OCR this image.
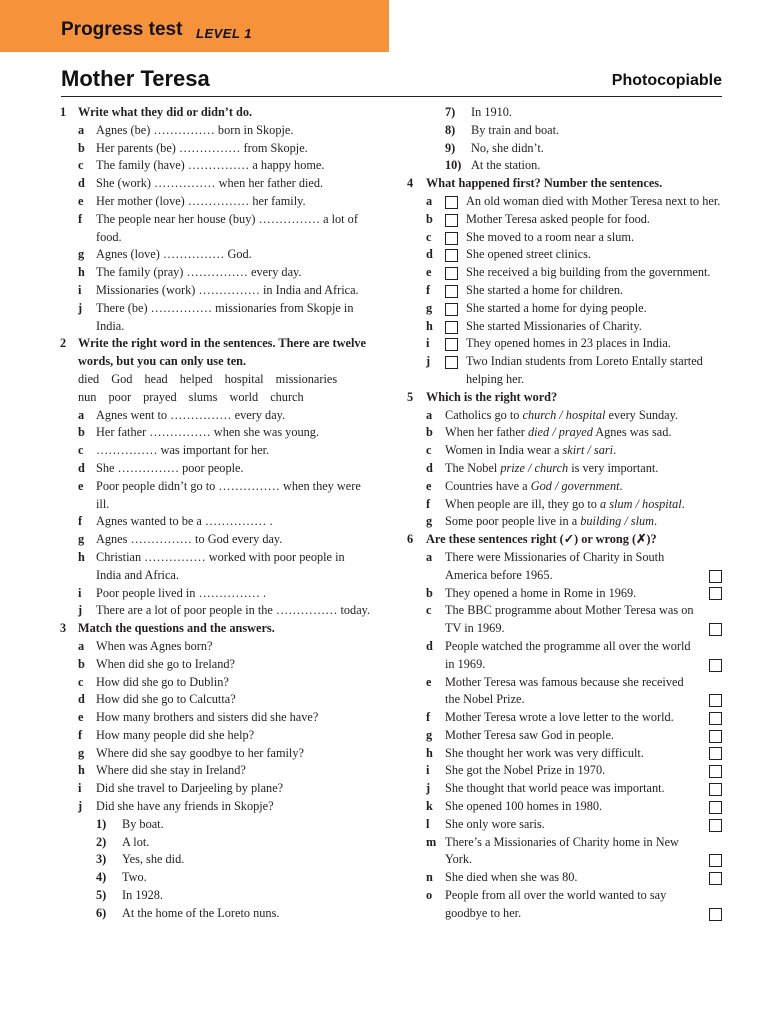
Progress test LEVEL 1
Mother Teresa	Photocopiable
1 Write what they did or didn’t do.
a Agnes (be) …………… born in Skopje.
b Her parents (be) …………… from Skopje.
c The family (have) …………… a happy home.
d She (work) …………… when her father died.
e Her mother (love) …………… her family.
f The people near her house (buy) …………… a lot of food.
g Agnes (love) …………… God.
h The family (pray) …………… every day.
i Missionaries (work) …………… in India and Africa.
j There (be) …………… missionaries from Skopje in India.
2 Write the right word in the sentences. There are twelve words, but you can only use ten.
died God head helped hospital missionaries
nun poor prayed slums world church
a Agnes went to …………… every day.
b Her father …………… when she was young.
c …………… was important for her.
d She …………… poor people.
e Poor people didn’t go to …………… when they were ill.
f Agnes wanted to be a …………… .
g Agnes …………… to God every day.
h Christian …………… worked with poor people in India and Africa.
i Poor people lived in …………… .
j There are a lot of poor people in the …………… today.
3 Match the questions and the answers.
a When was Agnes born?
b When did she go to Ireland?
c How did she go to Dublin?
d How did she go to Calcutta?
e How many brothers and sisters did she have?
f How many people did she help?
g Where did she say goodbye to her family?
h Where did she stay in Ireland?
i Did she travel to Darjeeling by plane?
j Did she have any friends in Skopje?
1) By boat.
2) A lot.
3) Yes, she did.
4) Two.
5) In 1928.
6) At the home of the Loreto nuns.
7) In 1910.
8) By train and boat.
9) No, she didn’t.
10) At the station.
4 What happened first? Number the sentences.
a	An old woman died with Mother Teresa next to her.
b	Mother Teresa asked people for food.
c	She moved to a room near a slum.
d	She opened street clinics.
e	She received a big building from the government.
f	She started a home for children.
g	She started a home for dying people.
h	She started Missionaries of Charity.
i	They opened homes in 23 places in India.
j	Two Indian students from Loreto Entally started helping her.
5 Which is the right word?
a Catholics go to church / hospital every Sunday.
b When her father died / prayed Agnes was sad.
c Women in India wear a skirt / sari.
d The Nobel prize / church is very important.
e Countries have a God / government.
f When people are ill, they go to a slum / hospital.
g Some poor people live in a building / slum.
6 Are these sentences right (✓) or wrong (✗)?
a There were Missionaries of Charity in South America before 1965.
b They opened a home in Rome in 1969.
c The BBC programme about Mother Teresa was on TV in 1969.
d People watched the programme all over the world in 1969.
e Mother Teresa was famous because she received the Nobel Prize.
f Mother Teresa wrote a love letter to the world.
g Mother Teresa saw God in people.
h She thought her work was very difficult.
i She got the Nobel Prize in 1970.
j She thought that world peace was important.
k She opened 100 homes in 1980.
l She only wore saris.
m There’s a Missionaries of Charity home in New York.
n She died when she was 80.
o People from all over the world wanted to say goodbye to her.
